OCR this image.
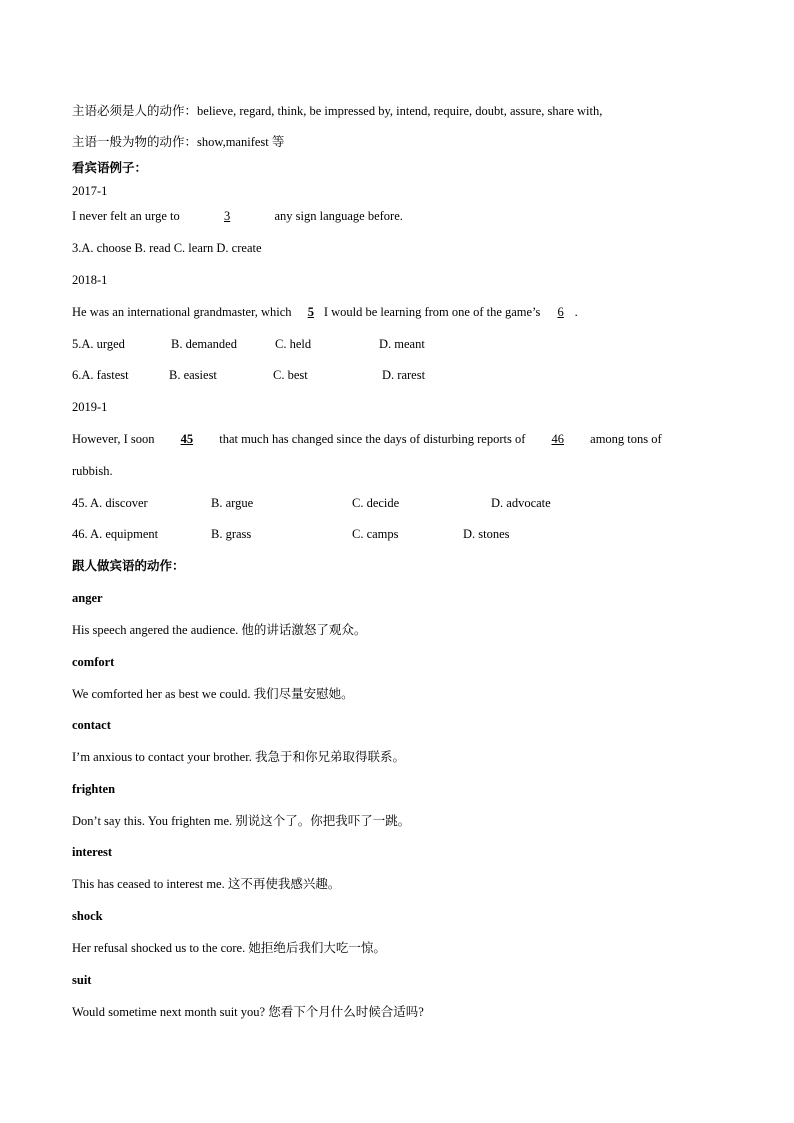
主语必须是人的动作：believe, regard, think, be impressed by, intend, require, doubt, assure, share with,
主语一般为物的动作：show,manifest 等
看宾语例子：
2017-1
I never felt an urge to	3	any sign language before.
3.A. choose B. read C. learn D. create
2018-1
He was an international grandmaster, which 5 I would be learning from one of the game’s 6 .
5.A. urged	B. demanded	C. held	D. meant
6.A. fastest	B. easiest	C. best	D. rarest
2019-1
However, I soon 45 that much has changed since the days of disturbing reports of 46 among tons of
rubbish.
45. A. discover	B. argue	C. decide	D. advocate
46. A. equipment	B. grass	C. camps	D. stones
跟人做宾语的动作：
anger
His speech angered the audience. 他的讲话激怒了观众。
comfort
We comforted her as best we could. 我们尽量安慰她。
contact
I’m anxious to contact your brother. 我急于和你兄弟取得联系。
frighten
Don’t say this. You frighten me. 别说这个了。你把我吓了一跳。
interest
This has ceased to interest me. 这不再使我感兴趣。
shock
Her refusal shocked us to the core. 她拒绝后我们大吃一惊。
suit
Would sometime next month suit you? 您看下个月什么时候合适吗?
